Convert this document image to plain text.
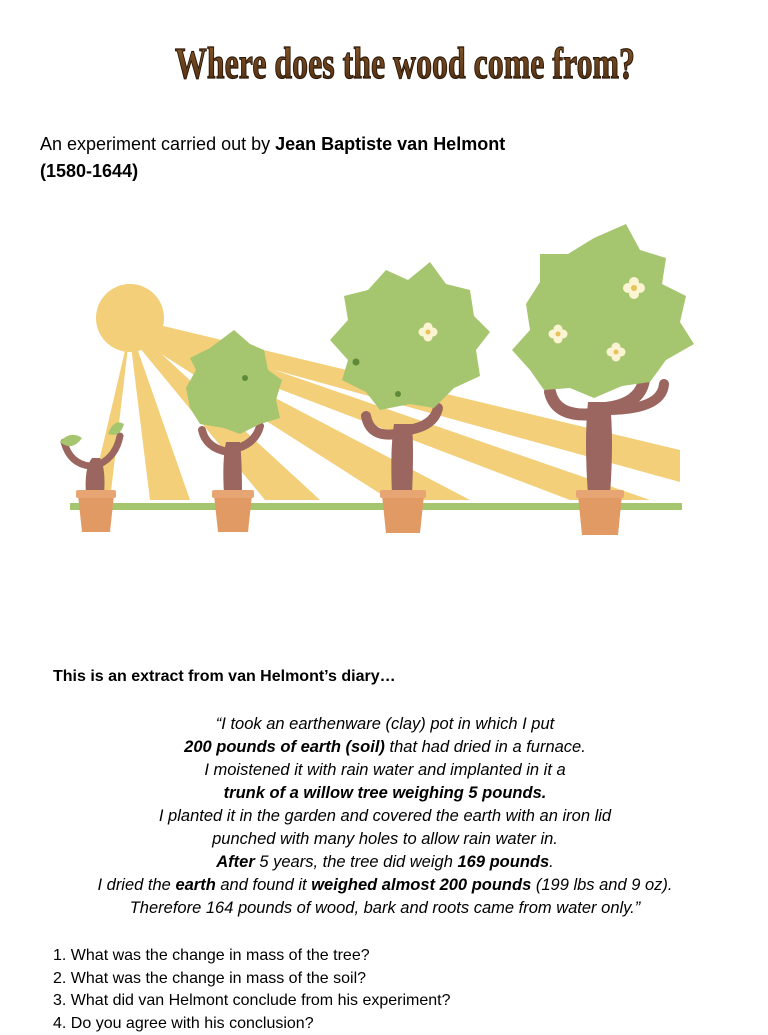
Where does the wood come from?
An experiment carried out by Jean Baptiste van Helmont
(1580-1644)
This is an extract from van Helmont’s diary…
“I took an earthenware (clay) pot in which I put
200 pounds of earth (soil) that had dried in a furnace.
I moistened it with rain water and implanted in it a
trunk of a willow tree weighing 5 pounds.
I planted it in the garden and covered the earth with an iron lid
punched with many holes to allow rain water in.
After 5 years, the tree did weigh 169 pounds.
I dried the earth and found it weighed almost 200 pounds (199 lbs and 9 oz).
Therefore 164 pounds of wood, bark and roots came from water only.”
1. What was the change in mass of the tree?
2. What was the change in mass of the soil?
3. What did van Helmont conclude from his experiment?
4. Do you agree with his conclusion?
